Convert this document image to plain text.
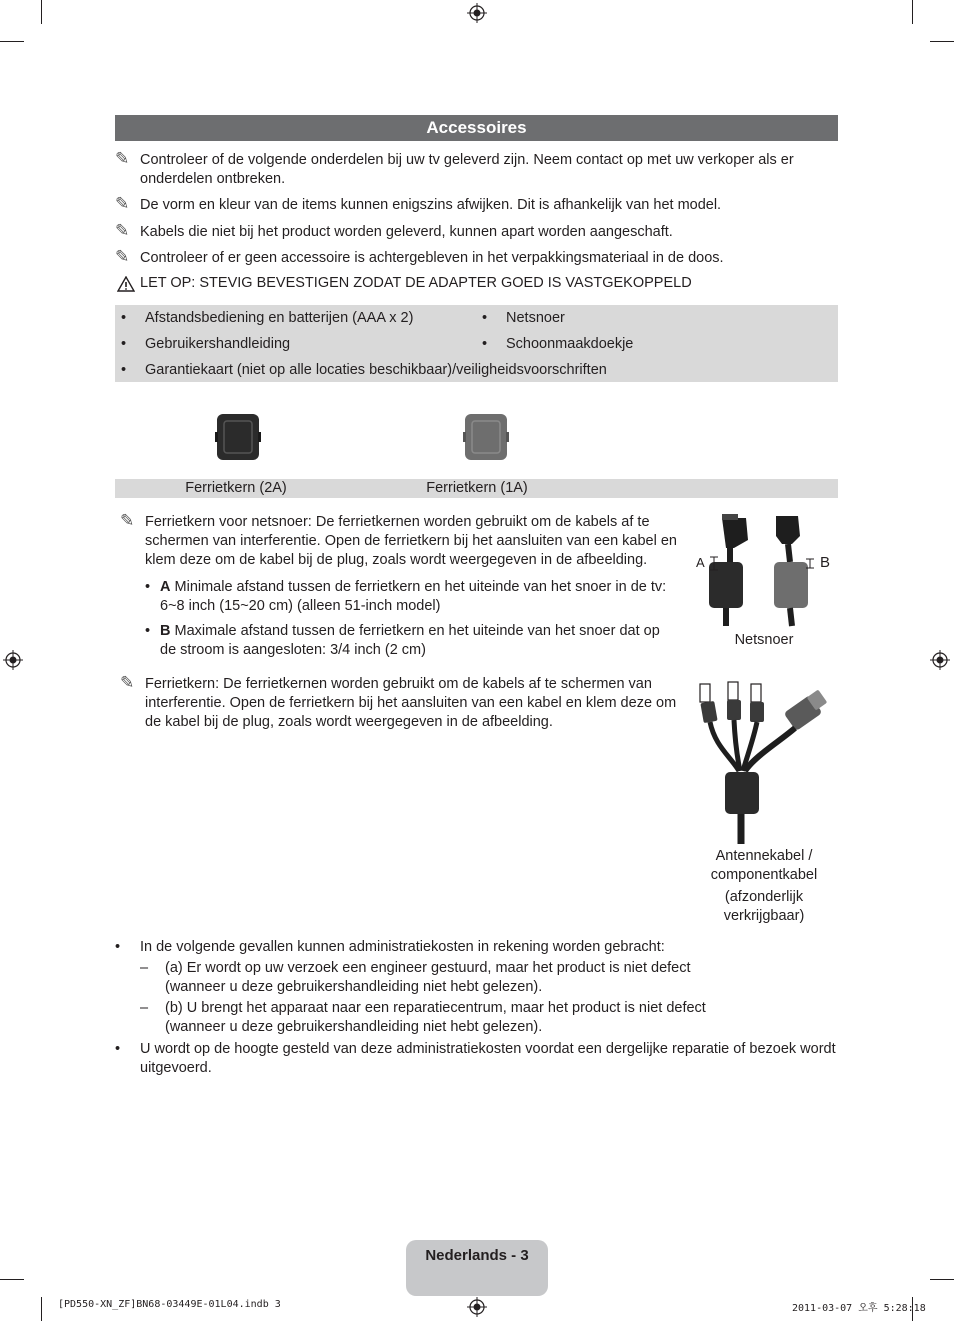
Accessoires
✎ Controleer of de volgende onderdelen bij uw tv geleverd zijn. Neem contact op met uw verkoper als er onderdelen ontbreken.
✎ De vorm en kleur van de items kunnen enigszins afwijken. Dit is afhankelijk van het model.
✎ Kabels die niet bij het product worden geleverd, kunnen apart worden aangeschaft.
✎ Controleer of er geen accessoire is achtergebleven in het verpakkingsmateriaal in de doos.
LET OP: STEVIG BEVESTIGEN ZODAT DE ADAPTER GOED IS VASTGEKOPPELD
• Afstandsbediening en batterijen (AAA x 2)
• Gebruikershandleiding
• Netsnoer
• Schoonmaakdoekje
• Garantiekaart (niet op alle locaties beschikbaar)/veiligheidsvoorschriften
Ferrietkern (2A)	Ferrietkern (1A)
✎ Ferrietkern voor netsnoer: De ferrietkernen worden gebruikt om de kabels af te schermen van interferentie. Open de ferrietkern bij het aansluiten van een kabel en klem deze om de kabel bij de plug, zoals wordt weergegeven in de afbeelding.
• A Minimale afstand tussen de ferrietkern en het uiteinde van het snoer in de tv: 6~8 inch (15~20 cm) (alleen 51-inch model)
• B Maximale afstand tussen de ferrietkern en het uiteinde van het snoer dat op de stroom is aangesloten: 3/4 inch (2 cm)
A	B
Netsnoer
✎ Ferrietkern: De ferrietkernen worden gebruikt om de kabels af te schermen van interferentie. Open de ferrietkern bij het aansluiten van een kabel en klem deze om de kabel bij de plug, zoals wordt weergegeven in de afbeelding.
Antennekabel /
componentkabel
(afzonderlijk
verkrijgbaar)
•	In de volgende gevallen kunnen administratiekosten in rekening worden gebracht:
–	(a) Er wordt op uw verzoek een engineer gestuurd, maar het product is niet defect
(wanneer u deze gebruikershandleiding niet hebt gelezen).
–	(b) U brengt het apparaat naar een reparatiecentrum, maar het product is niet defect
(wanneer u deze gebruikershandleiding niet hebt gelezen).
•	U wordt op de hoogte gesteld van deze administratiekosten voordat een dergelijke reparatie of bezoek wordt uitgevoerd.
Nederlands - 3
[PD550-XN_ZF]BN68-03449E-01L04.indb 3	2011-03-07 오후 5:28:18
